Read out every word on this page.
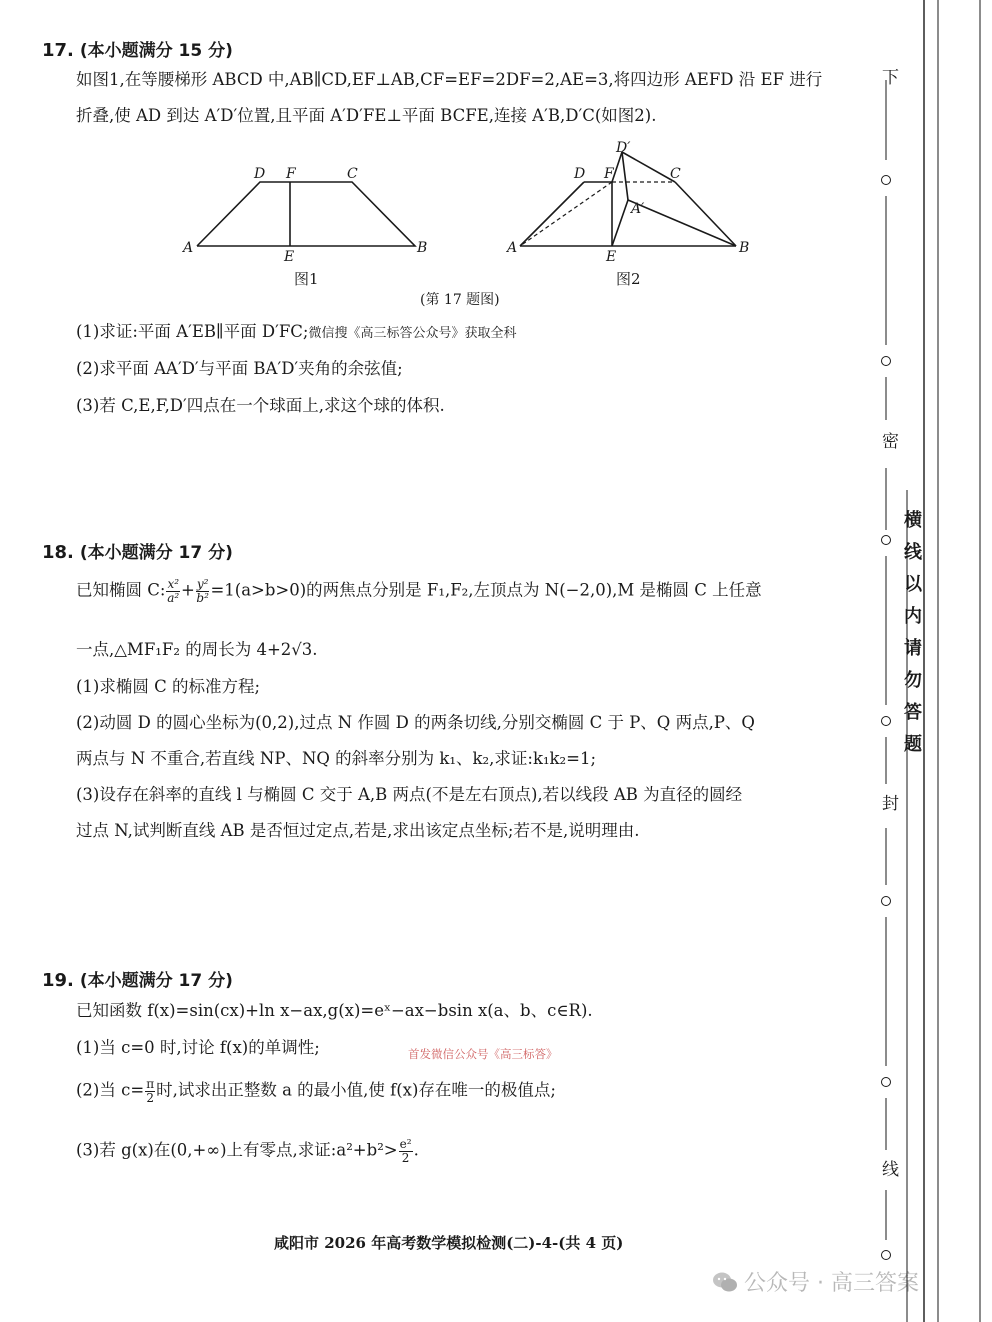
17. (本小题满分 15 分)
如图1,在等腰梯形 ABCD 中,AB∥CD,EF⊥AB,CF=EF=2DF=2,AE=3,将四边形 AEFD 沿 EF 进行
折叠,使 AD 到达 A′D′位置,且平面 A′D′FE⊥平面 BCFE,连接 A′B,D′C(如图2).
D F	C
A
E
B
图1
D F	C
D′
A′
A
E
B
图2
(第 17 题图)
(1)求证:平面 A′EB∥平面 D′FC;微信搜《高三标答公众号》获取全科
(2)求平面 AA′D′与平面 BA′D′夹角的余弦值;
(3)若 C,E,F,D′四点在一个球面上,求这个球的体积.
18. (本小题满分 17 分)
已知椭圆 C: $\frac{\text{x²}}{\text{a²}} + \frac{\text{y²}}{\text{b²}} =1(a>b>0)$的两焦点分别是 F₁,F₂,左顶点为 N(−2,0),M 是椭圆 C 上任意
一点,△MF₁F₂ 的周长为 4+2√3.
(1)求椭圆 C 的标准方程;
(2)动圆 D 的圆心坐标为(0,2),过点 N 作圆 D 的两条切线,分别交椭圆 C 于 P、Q 两点,P、Q
两点与 N 不重合,若直线 NP、NQ 的斜率分别为 k₁、k₂,求证:k₁k₂=1;
(3)设存在斜率的直线 l 与椭圆 C 交于 A,B 两点(不是左右顶点),若以线段 AB 为直径的圆经
过点 N,试判断直线 AB 是否恒过定点,若是,求出该定点坐标;若不是,说明理由.
19. (本小题满分 17 分)
已知函数 f(x)=sin(cx)+ln x−ax,g(x)=eˣ−ax−bsin x(a、b、c∈R).
(1)当 c=0 时,讨论 f(x)的单调性;	首发微信公众号《高三标答》
(2)当 $c= \frac{\pi}{2}$ 时,试求出正整数 a 的最小值,使 f(x)存在唯一的极值点;
(3)若 g(x)在(0,+∞)上有零点,求证:a²+b²> $\frac{\text{e²}}{2}$ .
咸阳市 2026 年高考数学模拟检测(二)-4-(共 4 页)
公众号 · 高三答案
下
密
封
线
横线以内请勿答题
